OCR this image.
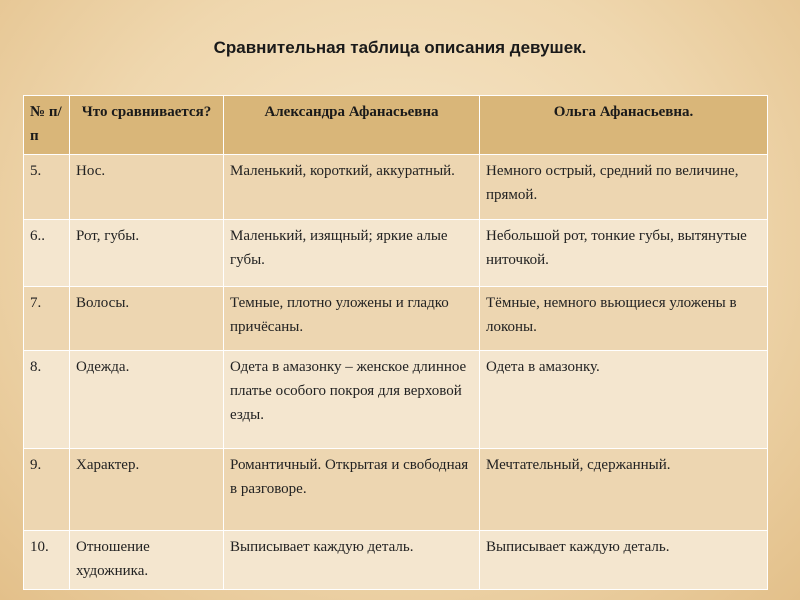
Сравнительная таблица описания девушек.
№ п/п	Что сравнивается?	Александра Афанасьевна	Ольга Афанасьевна.
5.	Нос.	Маленький, короткий, аккуратный.	Немного острый, средний по величине, прямой.
6..	Рот, губы.	Маленький, изящный; яркие алые губы.	Небольшой рот, тонкие губы, вытянутые ниточкой.
7.	Волосы.	Темные, плотно уложены и гладко причёсаны.	Тёмные, немного вьющиеся уложены в локоны.
8.	Одежда.	Одета в амазонку – женское длинное платье особого покроя для верховой езды.	Одета в амазонку.
9.	Характер.	Романтичный. Открытая и свободная в разговоре.	Мечтательный, сдержанный.
10.	Отношение художника.	Выписывает каждую деталь.	Выписывает каждую деталь.
